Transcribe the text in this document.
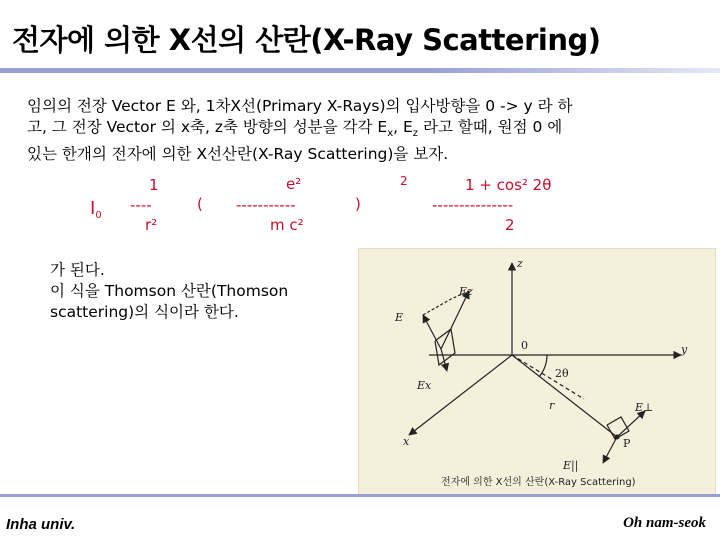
전자에 의한 X선의 산란(X-Ray Scattering)

임의의 전장 Vector E 와, 1차X선(Primary X-Rays)의 입사방향을 0 -> y 라 하

고, 그 전장 Vector 의 x축, z축 방향의 성분을 각각 $E_x$, $E_z$ 라고 할때, 원점 0 에

있는 한개의 전자에 의한 X선산란(X-Ray Scattering)을 보자.

$I_0$
1
----
r²
(
e²
-----------
m c²
)
2	1 + cos² 2θ
---------------
2

가 된다.

이 식을 Thomson 산란(Thomson

scattering)의 식이라 한다.

z
y
x
E
Ez
Ex
0
2θ
r	E⊥
P
E||
전자에 의한 X선의 산란(X-Ray Scattering)
Inha univ.	Oh nam-seok
